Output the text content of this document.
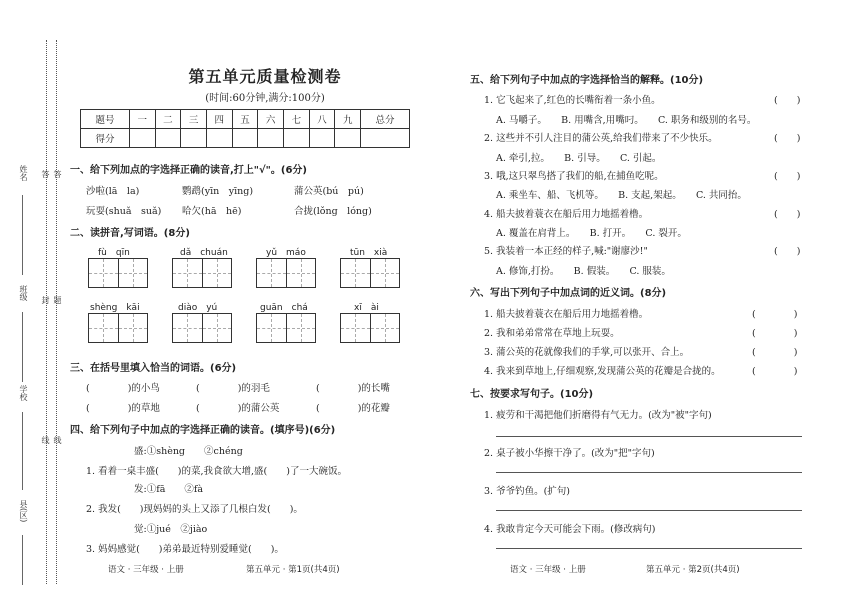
姓名
班级
学校
县(区)
答 答
封 题
线 线
第五单元质量检测卷
(时间:60分钟,满分:100分)
题号	一	二	三	四	五	六	七	八	九	总分
得分										
一、给下列加点的字选择正确的读音,打上"√"。(6分)
沙啦(lā　la)	鹦鹉(yīn　yīng)	蒲公英(bú　pú)
玩耍(shuǎ　suǎ) 哈欠(hā　hē)	合拢(lǒng　lóng)
二、读拼音,写词语。(8分)
fù　qīn	dǎ　chuán	yǔ　máo	tūn　xià
shèng　kāi	diào　yú	guān　chá	xī　ài
三、在括号里填入恰当的词语。(6分)
(　　　　)的小鸟	(　　　　)的羽毛	(　　　　)的长嘴
(　　　　)的草地	(　　　　)的蒲公英	(　　　　)的花瓣
四、给下列句子中加点的字选择正确的读音。(填序号)(6分)
盛:①shèng　　②chéng
1. 看着一桌丰盛(　　)的菜,我食欲大增,盛(　　)了一大碗饭。
发:①fā　　②fà
2. 我发(　　)现妈妈的头上又添了几根白发(　　)。
觉:①jué　②jiào
3. 妈妈感觉(　　)弟弟最近特别爱睡觉(　　)。
语文 · 三年级 · 上册	第五单元 · 第1页(共4页)
五、给下列句子中加点的字选择恰当的解释。(10分)
1. 它飞起来了,红色的长嘴衔着一条小鱼。	(　　)
A. 马嚼子。　　B. 用嘴含,用嘴叼。　　C. 职务和级别的名号。
2. 这些并不引人注目的蒲公英,给我们带来了不少快乐。	(　　)
A. 牵引,拉。　　B. 引导。　　C. 引起。
3. 哦,这只翠鸟搭了我们的船,在捕鱼吃呢。	(　　)
A. 乘坐车、船、飞机等。　　B. 支起,架起。　　C. 共同抬。
4. 船夫披着蓑衣在船后用力地摇着橹。	(　　)
A. 覆盖在肩背上。　　B. 打开。　　C. 裂开。
5. 我装着一本正经的样子,喊:"谢廖沙!"	(　　)
A. 修饰,打扮。　　B. 假装。　　C. 服装。
六、写出下列句子中加点词的近义词。(8分)
1. 船夫披着蓑衣在船后用力地摇着橹。	(　　　　)
2. 我和弟弟常常在草地上玩耍。	(　　　　)
3. 蒲公英的花就像我们的手掌,可以张开、合上。	(　　　　)
4. 我来到草地上,仔细观察,发现蒲公英的花瓣是合拢的。	(　　　　)
七、按要求写句子。(10分)
1. 疲劳和干渴把他们折磨得有气无力。(改为"被"字句)
2. 桌子被小华擦干净了。(改为"把"字句)
3. 爷爷钓鱼。(扩句)
4. 我敢肯定今天可能会下雨。(修改病句)
语文 · 三年级 · 上册	第五单元 · 第2页(共4页)
